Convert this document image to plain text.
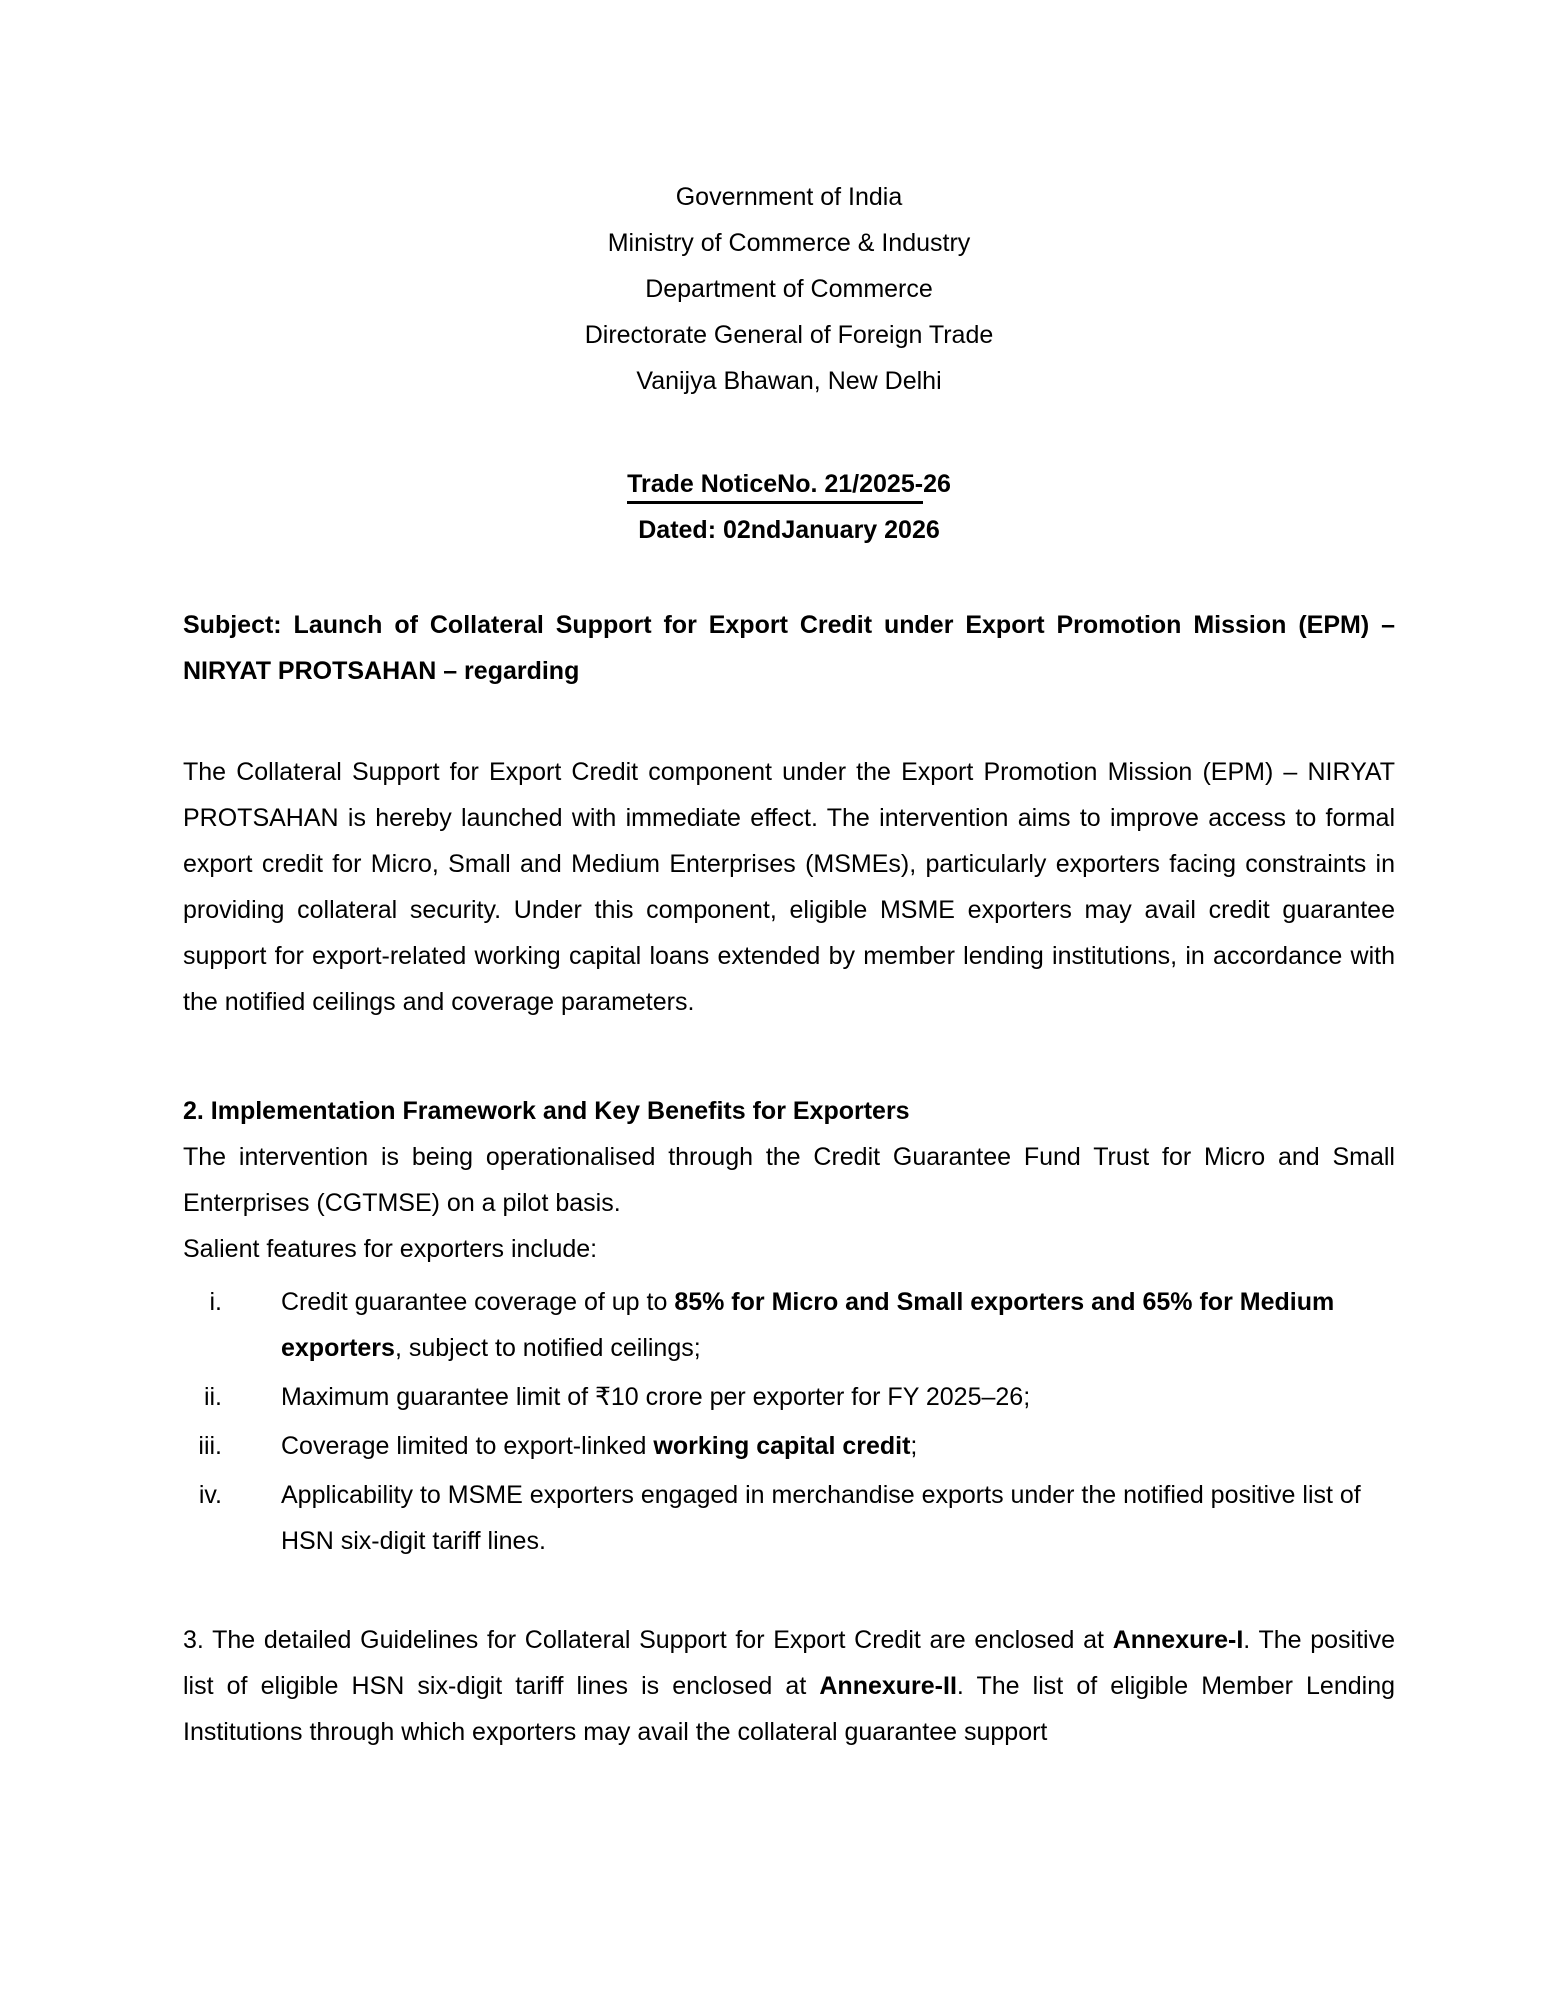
Government of India
Ministry of Commerce & Industry
Department of Commerce
Directorate General of Foreign Trade
Vanijya Bhawan, New Delhi
Trade NoticeNo. 21/2025-26
Dated: 02ndJanuary 2026
Subject: Launch of Collateral Support for Export Credit under Export Promotion Mission (EPM) – NIRYAT PROTSAHAN – regarding
The Collateral Support for Export Credit component under the Export Promotion Mission (EPM) – NIRYAT PROTSAHAN is hereby launched with immediate effect. The intervention aims to improve access to formal export credit for Micro, Small and Medium Enterprises (MSMEs), particularly exporters facing constraints in providing collateral security. Under this component, eligible MSME exporters may avail credit guarantee support for export-related working capital loans extended by member lending institutions, in accordance with the notified ceilings and coverage parameters.
2. Implementation Framework and Key Benefits for Exporters
The intervention is being operationalised through the Credit Guarantee Fund Trust for Micro and Small Enterprises (CGTMSE) on a pilot basis.
Salient features for exporters include:
i. Credit guarantee coverage of up to 85% for Micro and Small exporters and 65% for Medium exporters, subject to notified ceilings;
ii. Maximum guarantee limit of ₹10 crore per exporter for FY 2025–26;
iii. Coverage limited to export-linked working capital credit;
iv. Applicability to MSME exporters engaged in merchandise exports under the notified positive list of HSN six-digit tariff lines.
3. The detailed Guidelines for Collateral Support for Export Credit are enclosed at Annexure-I. The positive list of eligible HSN six-digit tariff lines is enclosed at Annexure-II. The list of eligible Member Lending Institutions through which exporters may avail the collateral guarantee support
